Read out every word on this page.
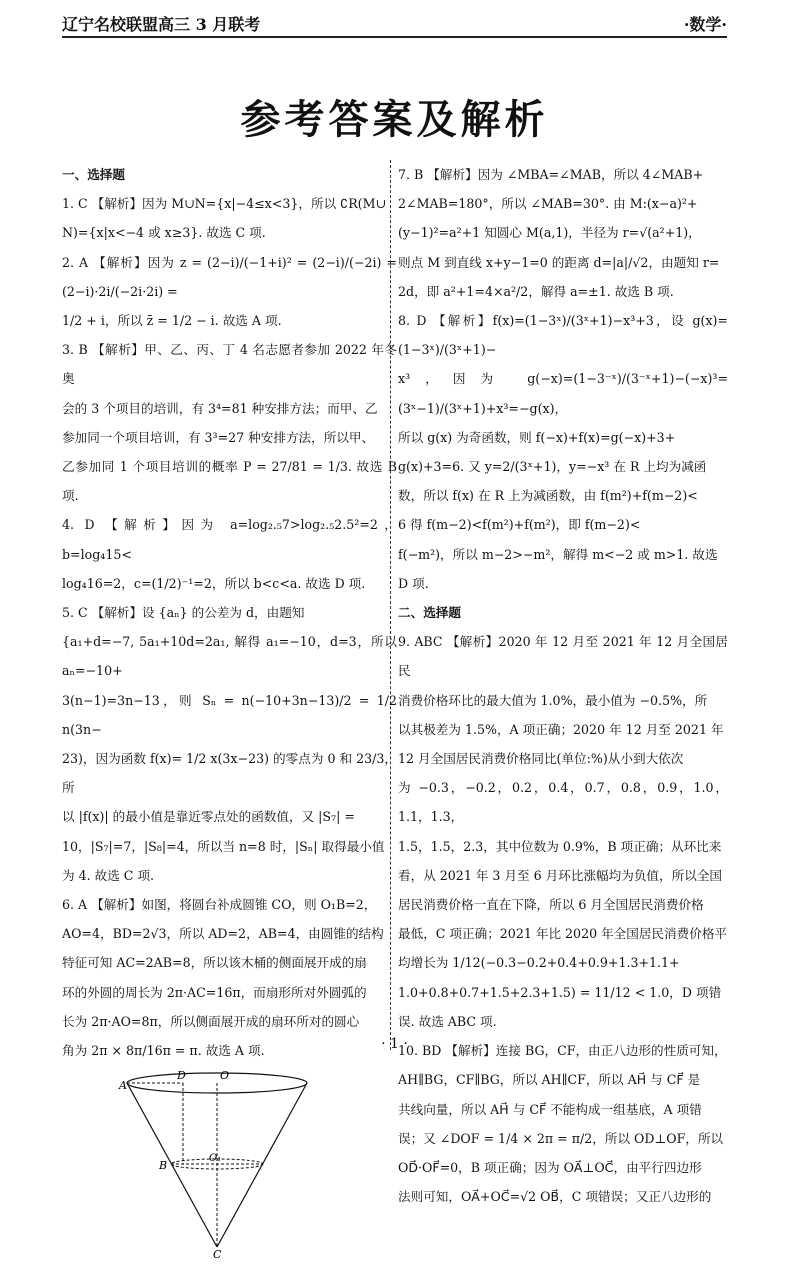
辽宁名校联盟高三 3 月联考	·数学·
参考答案及解析

一、选择题

1. C 【解析】因为 M∪N={x|−4≤x<3}，所以 ∁R(M∪

N)={x|x<−4 或 x≥3}. 故选 C 项.

2. A 【解析】因为 z = (2−i)/(−1+i)² = (2−i)/(−2i) = (2−i)·2i/(−2i·2i) =

1/2 + i，所以 z̄ = 1/2 − i. 故选 A 项.

3. B 【解析】甲、乙、丙、丁 4 名志愿者参加 2022 年冬奥

会的 3 个项目的培训，有 3⁴=81 种安排方法；而甲、乙

参加同一个项目培训，有 3³=27 种安排方法，所以甲、

乙参加同 1 个项目培训的概率 P = 27/81 = 1/3. 故选 B 项.

4. D 【解析】因为 a=log₂.₅7>log₂.₅2.5²=2，b=log₄15<

log₄16=2，c=(1/2)⁻¹=2，所以 b<c<a. 故选 D 项.

5. C 【解析】设 {aₙ} 的公差为 d，由题知

{a₁+d=−7, 5a₁+10d=2a₁, 解得 a₁=−10，d=3，所以 aₙ=−10+

3(n−1)=3n−13，则 Sₙ = n(−10+3n−13)/2 = 1/2 n(3n−

23)，因为函数 f(x)= 1/2 x(3x−23) 的零点为 0 和 23/3，所

以 |f(x)| 的最小值是靠近零点处的函数值，又 |S₇| =

10，|S₇|=7，|S₈|=4，所以当 n=8 时，|Sₙ| 取得最小值

为 4. 故选 C 项.

6. A 【解析】如图，将圆台补成圆锥 CO，则 O₁B=2，

AO=4，BD=2√3，所以 AD=2，AB=4，由圆锥的结构

特征可知 AC=2AB=8，所以该木桶的侧面展开成的扇

环的外圆的周长为 2π·AC=16π，而扇形所对外圆弧的

长为 2π·AO=8π，所以侧面展开成的扇环所对的圆心

角为 2π × 8π/16π = π. 故选 A 项.

A
D	O
B
O₁
C

7. B 【解析】因为 ∠MBA=∠MAB，所以 4∠MAB+

2∠MAB=180°，所以 ∠MAB=30°. 由 M:(x−a)²+

(y−1)²=a²+1 知圆心 M(a,1)，半径为 r=√(a²+1)，

则点 M 到直线 x+y−1=0 的距离 d=|a|/√2，由题知 r=

2d，即 a²+1=4×a²/2，解得 a=±1. 故选 B 项.

8. D 【解析】f(x)=(1−3ˣ)/(3ˣ+1)−x³+3，设 g(x)=(1−3ˣ)/(3ˣ+1)−

x³，因为 g(−x)=(1−3⁻ˣ)/(3⁻ˣ+1)−(−x)³=(3ˣ−1)/(3ˣ+1)+x³=−g(x)，

所以 g(x) 为奇函数，则 f(−x)+f(x)=g(−x)+3+

g(x)+3=6. 又 y=2/(3ˣ+1)，y=−x³ 在 R 上均为减函

数，所以 f(x) 在 R 上为减函数，由 f(m²)+f(m−2)<

6 得 f(m−2)<f(m²)+f(m²)，即 f(m−2)<

f(−m²)，所以 m−2>−m²，解得 m<−2 或 m>1. 故选

D 项.

二、选择题

9. ABC 【解析】2020 年 12 月至 2021 年 12 月全国居民

消费价格环比的最大值为 1.0%，最小值为 −0.5%，所

以其极差为 1.5%，A 项正确；2020 年 12 月至 2021 年

12 月全国居民消费价格同比(单位:%)从小到大依次

为 −0.3，−0.2，0.2，0.4，0.7，0.8，0.9，1.0，1.1，1.3，

1.5，1.5，2.3，其中位数为 0.9%，B 项正确；从环比来

看，从 2021 年 3 月至 6 月环比涨幅均为负值，所以全国

居民消费价格一直在下降，所以 6 月全国居民消费价格

最低，C 项正确；2021 年比 2020 年全国居民消费价格平

均增长为 1/12(−0.3−0.2+0.4+0.9+1.3+1.1+

1.0+0.8+0.7+1.5+2.3+1.5) = 11/12 < 1.0，D 项错

误. 故选 ABC 项.

10. BD 【解析】连接 BG，CF，由正八边形的性质可知，

AH∥BG，CF∥BG，所以 AH∥CF，所以 AH⃗ 与 CF⃗ 是

共线向量，所以 AH⃗ 与 CF⃗ 不能构成一组基底，A 项错

误；又 ∠DOF = 1/4 × 2π = π/2，所以 OD⊥OF，所以

OD⃗·OF⃗=0，B 项正确；因为 OA⃗⊥OC⃗，由平行四边形

法则可知，OA⃗+OC⃗=√2 OB⃗，C 项错误；又正八边形的

· 1 ·
